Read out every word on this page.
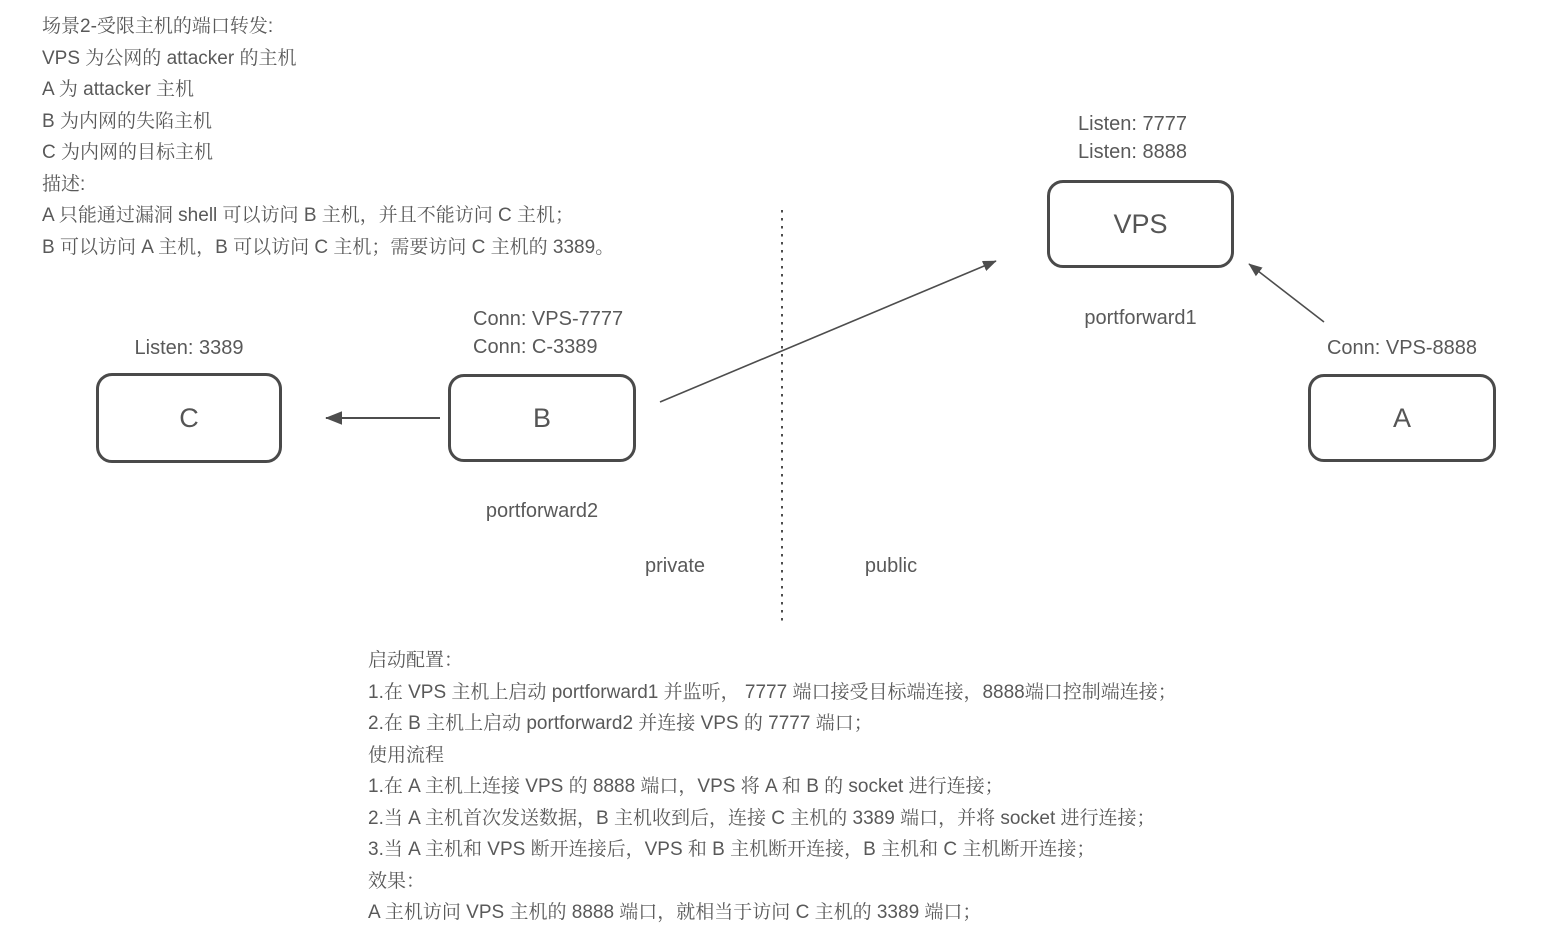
场景2-受限主机的端口转发:
VPS 为公网的 attacker 的主机
A 为 attacker 主机
B 为内网的失陷主机
C 为内网的目标主机
描述:
A 只能通过漏洞 shell 可以访问 B 主机，并且不能访问 C 主机；
B 可以访问 A 主机，B 可以访问 C 主机；需要访问 C 主机的 3389。
C	B
VPS
A
Listen: 3389
Conn: VPS-7777
Conn: C-3389
portforward2
Listen: 7777
Listen: 8888
portforward1
Conn: VPS-8888
private	public
启动配置：
1.在 VPS 主机上启动 portforward1 并监听， 7777 端口接受目标端连接，8888端口控制端连接；
2.在 B 主机上启动 portforward2 并连接 VPS 的 7777 端口；
使用流程
1.在 A 主机上连接 VPS 的 8888 端口，VPS 将 A 和 B 的 socket 进行连接；
2.当 A 主机首次发送数据，B 主机收到后，连接 C 主机的 3389 端口，并将 socket 进行连接；
3.当 A 主机和 VPS 断开连接后，VPS 和 B 主机断开连接，B 主机和 C 主机断开连接；
效果：
A 主机访问 VPS 主机的 8888 端口，就相当于访问 C 主机的 3389 端口；
